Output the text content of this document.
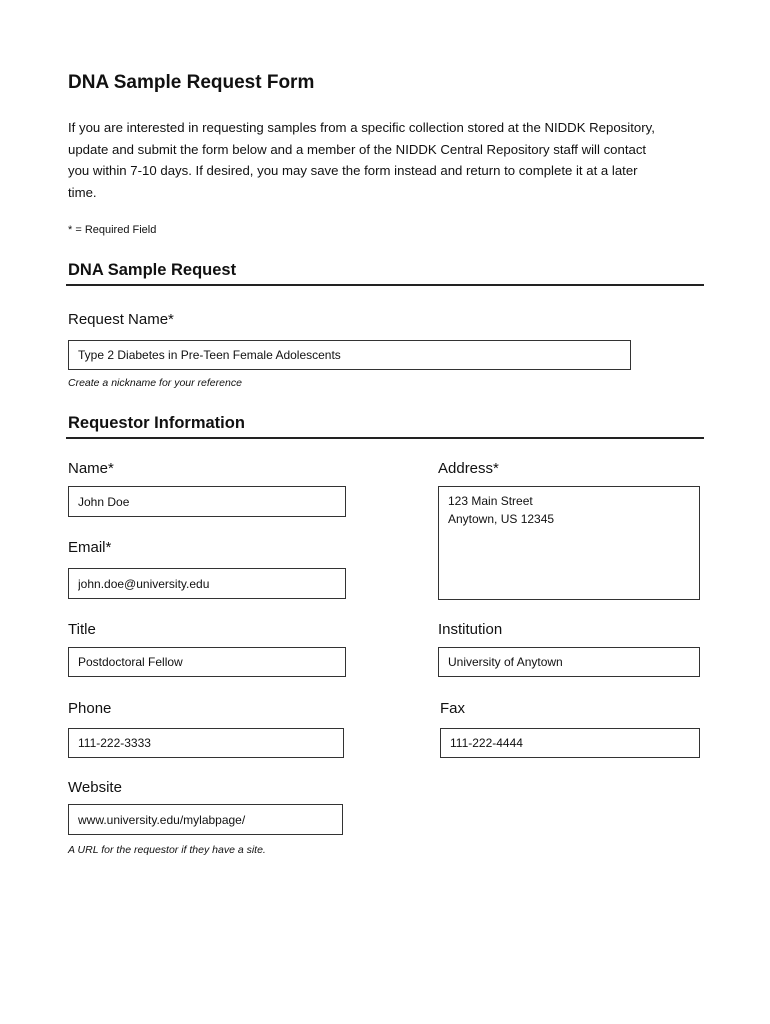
DNA Sample Request Form

If you are interested in requesting samples from a specific collection stored at the NIDDK Repository, update and submit the form below and a member of the NIDDK Central Repository staff will contact you within 7-10 days. If desired, you may save the form instead and return to complete it at a later time.

* = Required Field
DNA Sample Request
Request Name*
Type 2 Diabetes in Pre-Teen Female Adolescents
Create a nickname for your reference
Requestor Information
Name*
John Doe	Address*
123 Main Street Anytown, US 12345
Email*
john.doe@university.edu
Title
Postdoctoral Fellow	Institution
University of Anytown
Phone
111-222-3333	Fax
111-222-4444
Website
www.university.edu/mylabpage/
A URL for the requestor if they have a site.
